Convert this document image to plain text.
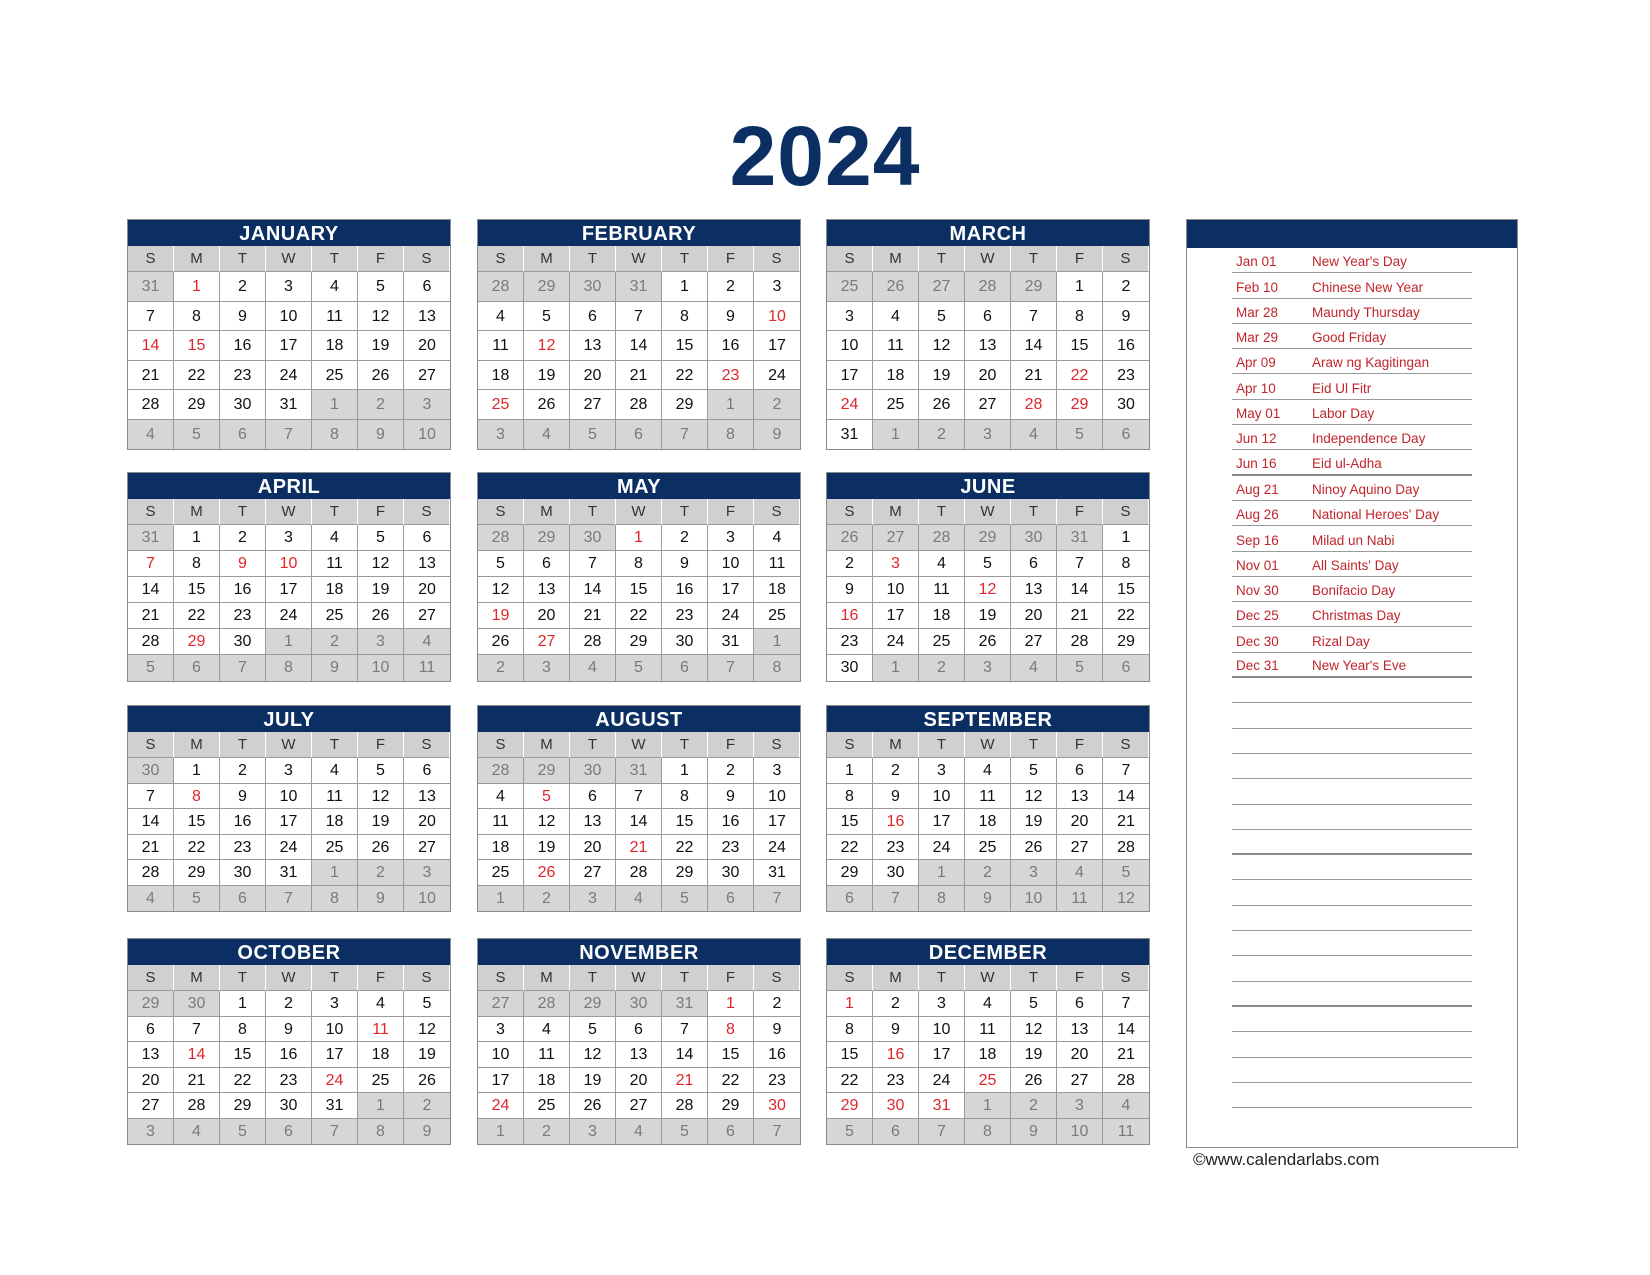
2024
JANUARY
S	M	T	W	T	F	S
31	1	2	3	4	5	6
7	8	9	10	11	12	13
14	15	16	17	18	19	20
21	22	23	24	25	26	27
28	29	30	31	1	2	3
4	5	6	7	8	9	10
FEBRUARY
S	M	T	W	T	F	S
28	29	30	31	1	2	3
4	5	6	7	8	9	10
11	12	13	14	15	16	17
18	19	20	21	22	23	24
25	26	27	28	29	1	2
3	4	5	6	7	8	9
MARCH
S	M	T	W	T	F	S
25	26	27	28	29	1	2
3	4	5	6	7	8	9
10	11	12	13	14	15	16
17	18	19	20	21	22	23
24	25	26	27	28	29	30
31	1	2	3	4	5	6
APRIL
S	M	T	W	T	F	S
31	1	2	3	4	5	6
7	8	9	10	11	12	13
14	15	16	17	18	19	20
21	22	23	24	25	26	27
28	29	30	1	2	3	4
5	6	7	8	9	10	11
MAY
S	M	T	W	T	F	S
28	29	30	1	2	3	4
5	6	7	8	9	10	11
12	13	14	15	16	17	18
19	20	21	22	23	24	25
26	27	28	29	30	31	1
2	3	4	5	6	7	8
JUNE
S	M	T	W	T	F	S
26	27	28	29	30	31	1
2	3	4	5	6	7	8
9	10	11	12	13	14	15
16	17	18	19	20	21	22
23	24	25	26	27	28	29
30	1	2	3	4	5	6
JULY
S	M	T	W	T	F	S
30	1	2	3	4	5	6
7	8	9	10	11	12	13
14	15	16	17	18	19	20
21	22	23	24	25	26	27
28	29	30	31	1	2	3
4	5	6	7	8	9	10
AUGUST
S	M	T	W	T	F	S
28	29	30	31	1	2	3
4	5	6	7	8	9	10
11	12	13	14	15	16	17
18	19	20	21	22	23	24
25	26	27	28	29	30	31
1	2	3	4	5	6	7
SEPTEMBER
S	M	T	W	T	F	S
1	2	3	4	5	6	7
8	9	10	11	12	13	14
15	16	17	18	19	20	21
22	23	24	25	26	27	28
29	30	1	2	3	4	5
6	7	8	9	10	11	12
OCTOBER
S	M	T	W	T	F	S
29	30	1	2	3	4	5
6	7	8	9	10	11	12
13	14	15	16	17	18	19
20	21	22	23	24	25	26
27	28	29	30	31	1	2
3	4	5	6	7	8	9
NOVEMBER
S	M	T	W	T	F	S
27	28	29	30	31	1	2
3	4	5	6	7	8	9
10	11	12	13	14	15	16
17	18	19	20	21	22	23
24	25	26	27	28	29	30
1	2	3	4	5	6	7
DECEMBER
S	M	T	W	T	F	S
1	2	3	4	5	6	7
8	9	10	11	12	13	14
15	16	17	18	19	20	21
22	23	24	25	26	27	28
29	30	31	1	2	3	4
5	6	7	8	9	10	11
Jan 01	New Year's Day
Feb 10	Chinese New Year
Mar 28	Maundy Thursday
Mar 29	Good Friday
Apr 09	Araw ng Kagitingan
Apr 10	Eid Ul Fitr
May 01	Labor Day
Jun 12	Independence Day
Jun 16	Eid ul-Adha
Aug 21	Ninoy Aquino Day
Aug 26	National Heroes' Day
Sep 16	Milad un Nabi
Nov 01	All Saints' Day
Nov 30	Bonifacio Day
Dec 25	Christmas Day
Dec 30	Rizal Day
Dec 31	New Year's Eve
©www.calendarlabs.com
